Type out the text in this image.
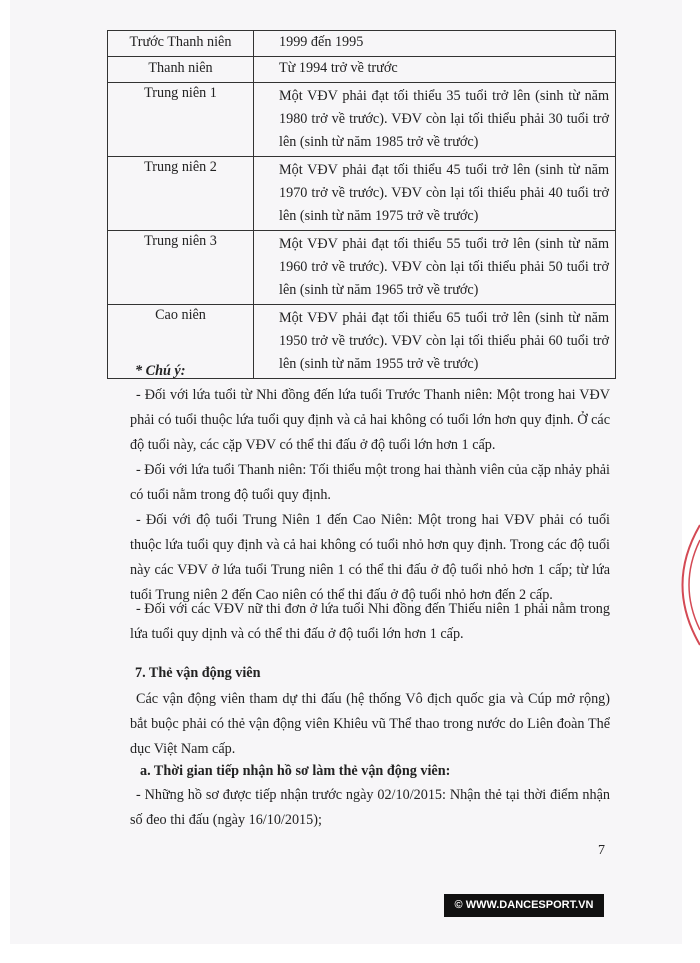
Trước Thanh niên	1999 đến 1995
Thanh niên	Từ 1994 trở về trước
Trung niên 1	Một VĐV phải đạt tối thiểu 35 tuổi trở lên (sinh từ năm 1980 trở về trước). VĐV còn lại tối thiểu phải 30 tuổi trở lên (sinh từ năm 1985 trở về trước)
Trung niên 2	Một VĐV phải đạt tối thiểu 45 tuổi trở lên (sinh từ năm 1970 trở về trước). VĐV còn lại tối thiểu phải 40 tuổi trở lên (sinh từ năm 1975 trở về trước)
Trung niên 3	Một VĐV phải đạt tối thiểu 55 tuổi trở lên (sinh từ năm 1960 trở về trước). VĐV còn lại tối thiểu phải 50 tuổi trở lên (sinh từ năm 1965 trở về trước)
Cao niên	Một VĐV phải đạt tối thiểu 65 tuổi trở lên (sinh từ năm 1950 trở về trước). VĐV còn lại tối thiểu phải 60 tuổi trở lên (sinh từ năm 1955 trở về trước)
* Chú ý:
- Đối với lứa tuổi từ Nhi đồng đến lứa tuổi Trước Thanh niên: Một trong hai VĐV phải có tuổi thuộc lứa tuổi quy định và cả hai không có tuổi lớn hơn quy định. Ở các độ tuổi này, các cặp VĐV có thể thi đấu ở độ tuổi lớn hơn 1 cấp.
- Đối với lứa tuổi Thanh niên: Tối thiểu một trong hai thành viên của cặp nhảy phải có tuổi nằm trong độ tuổi quy định.
- Đối với độ tuổi Trung Niên 1 đến Cao Niên: Một trong hai VĐV phải có tuổi thuộc lứa tuổi quy định và cả hai không có tuổi nhỏ hơn quy định. Trong các độ tuổi này các VĐV ở lứa tuổi Trung niên 1 có thể thi đấu ở độ tuổi nhỏ hơn 1 cấp; từ lứa tuổi Trung niên 2 đến Cao niên có thể thi đấu ở độ tuổi nhỏ hơn đến 2 cấp.
- Đối với các VĐV nữ thi đơn ở lứa tuổi Nhi đồng đến Thiếu niên 1 phải nằm trong lứa tuổi quy dịnh và có thể thi đấu ở độ tuổi lớn hơn 1 cấp.
7. Thẻ vận động viên
Các vận động viên tham dự thi đấu (hệ thống Vô địch quốc gia và Cúp mở rộng) bắt buộc phải có thẻ vận động viên Khiêu vũ Thể thao trong nước do Liên đoàn Thể dục Việt Nam cấp.
a. Thời gian tiếp nhận hồ sơ làm thẻ vận động viên:
- Những hồ sơ được tiếp nhận trước ngày 02/10/2015: Nhận thẻ tại thời điểm nhận số đeo thi đấu (ngày 16/10/2015);
7
© WWW.DANCESPORT.VN
